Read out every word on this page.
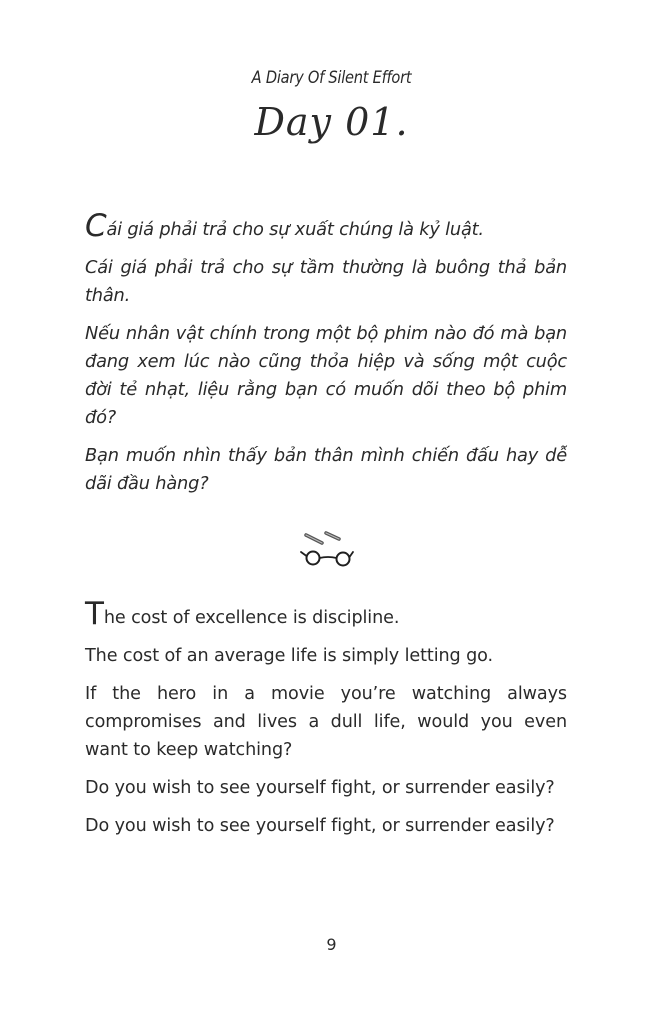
A Diary Of Silent Effort
Day 01.

Cái giá phải trả cho sự xuất chúng là kỷ luật.

Cái giá phải trả cho sự tầm thường là buông thả bản thân.

Nếu nhân vật chính trong một bộ phim nào đó mà bạn đang xem lúc nào cũng thỏa hiệp và sống một cuộc đời tẻ nhạt, liệu rằng bạn có muốn dõi theo bộ phim đó?

Bạn muốn nhìn thấy bản thân mình chiến đấu hay dễ dãi đầu hàng?

The cost of excellence is discipline.

The cost of an average life is simply letting go.

If the hero in a movie you’re watching always compromises and lives a dull life, would you even want to keep watching?

Do you wish to see yourself fight, or surrender easily?

Do you wish to see yourself fight, or surrender easily?

9
